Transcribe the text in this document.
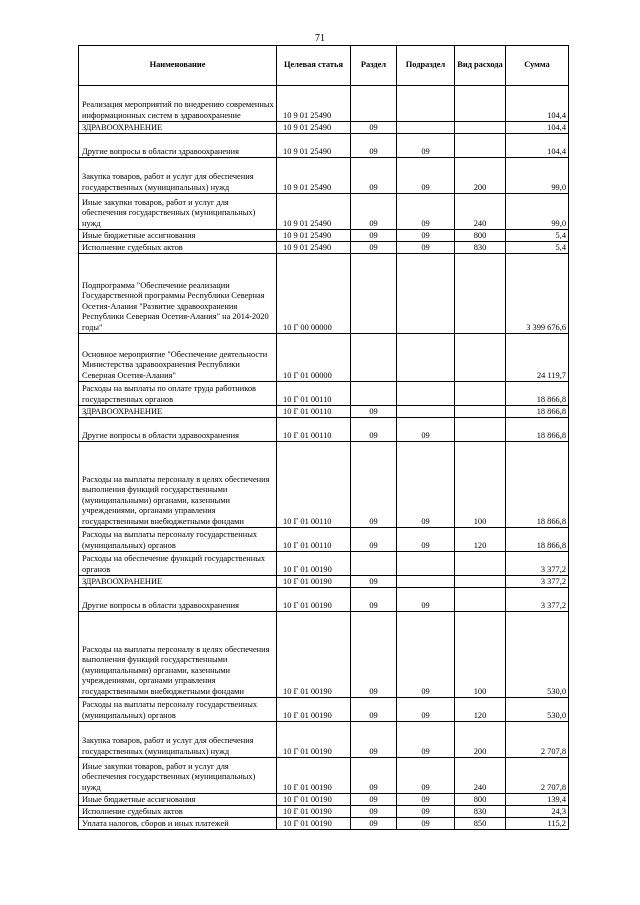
71
Наименование	Целевая статья	Раздел	Подраздел	Вид расхода	Сумма
Реализация мероприятий по внедрению современных информационных систем в здравоохранение	10 9 01 25490				104,4
ЗДРАВООХРАНЕНИЕ	10 9 01 25490	09			104,4
Другие вопросы в области здравоохранения	10 9 01 25490	09	09		104,4
Закупка товаров, работ и услуг для обеспечения государственных (муниципальных) нужд	10 9 01 25490	09	09	200	99,0
Иные закупки товаров, работ и услуг для обеспечения государственных (муниципальных) нужд	10 9 01 25490	09	09	240	99,0
Иные бюджетные ассигнования	10 9 01 25490	09	09	800	5,4
Исполнение судебных актов	10 9 01 25490	09	09	830	5,4
Подпрограмма "Обеспечение реализации Государственной программы Республики Северная Осетия-Алания "Развитие здравоохранения Республики Северная Осетия-Алания" на 2014-2020 годы"	10 Г 00 00000				3 399 676,6
Основное мероприятие "Обеспечение деятельности Министерства здравоохранения Республики Северная Осетия-Алания"	10 Г 01 00000				24 119,7
Расходы на выплаты по оплате труда работников государственных органов	10 Г 01 00110				18 866,8
ЗДРАВООХРАНЕНИЕ	10 Г 01 00110	09			18 866,8
Другие вопросы в области здравоохранения	10 Г 01 00110	09	09		18 866,8
Расходы на выплаты персоналу в целях обеспечения выполнения функций государственными (муниципальными) органами, казенными учреждениями, органами управления государственными внебюджетными фондами	10 Г 01 00110	09	09	100	18 866,8
Расходы на выплаты персоналу государственных (муниципальных) органов	10 Г 01 00110	09	09	120	18 866,8
Расходы на обеспечение функций государственных органов	10 Г 01 00190				3 377,2
ЗДРАВООХРАНЕНИЕ	10 Г 01 00190	09			3 377,2
Другие вопросы в области здравоохранения	10 Г 01 00190	09	09		3 377,2
Расходы на выплаты персоналу в целях обеспечения выполнения функций государственными (муниципальными) органами, казенными учреждениями, органами управления государственными внебюджетными фондами	10 Г 01 00190	09	09	100	530,0
Расходы на выплаты персоналу государственных (муниципальных) органов	10 Г 01 00190	09	09	120	530,0
Закупка товаров, работ и услуг для обеспечения государственных (муниципальных) нужд	10 Г 01 00190	09	09	200	2 707,8
Иные закупки товаров, работ и услуг для обеспечения государственных (муниципальных) нужд	10 Г 01 00190	09	09	240	2 707,8
Иные бюджетные ассигнования	10 Г 01 00190	09	09	800	139,4
Исполнение судебных актов	10 Г 01 00190	09	09	830	24,3
Уплата налогов, сборов и иных платежей	10 Г 01 00190	09	09	850	115,2
